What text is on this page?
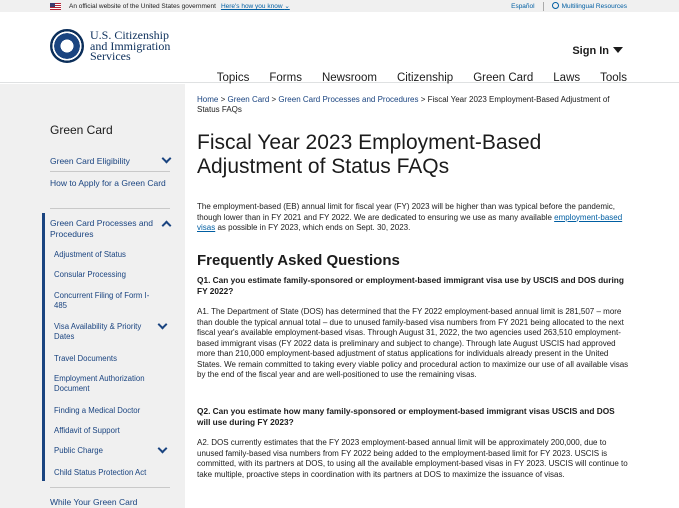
An official website of the United States government Here's how you know ⌄	Español	Multilingual Resources
U.S. Citizenship
and Immigration
Services	Sign In
Topics Forms Newsroom Citizenship Green Card Laws Tools
Green Card
Green Card Eligibility
How to Apply for a Green Card
Green Card Processes and Procedures
Adjustment of Status
Consular Processing
Concurrent Filing of Form I-485
Visa Availability & Priority Dates
Travel Documents
Employment Authorization Document
Finding a Medical Doctor
Affidavit of Support
Public Charge
Child Status Protection Act
While Your Green Card
Home > Green Card > Green Card Processes and Procedures > Fiscal Year 2023 Employment-Based Adjustment of Status FAQs
Fiscal Year 2023 Employment-Based Adjustment of Status FAQs

The employment-based (EB) annual limit for fiscal year (FY) 2023 will be higher than was typical before the pandemic, though lower than in FY 2021 and FY 2022. We are dedicated to ensuring we use as many available employment-based visas as possible in FY 2023, which ends on Sept. 30, 2023.

Frequently Asked Questions
Q1. Can you estimate family-sponsored or employment-based immigrant visa use by USCIS and DOS during FY 2022?
A1. The Department of State (DOS) has determined that the FY 2022 employment-based annual limit is 281,507 – more than double the typical annual total – due to unused family-based visa numbers from FY 2021 being allocated to the next fiscal year's available employment-based visas. Through August 31, 2022, the two agencies used 263,510 employment-based immigrant visas (FY 2022 data is preliminary and subject to change). Through late August USCIS had approved more than 210,000 employment-based adjustment of status applications for individuals already present in the United States. We remain committed to taking every viable policy and procedural action to maximize our use of all available visas by the end of the fiscal year and are well-positioned to use the remaining visas.
Q2. Can you estimate how many family-sponsored or employment-based immigrant visas USCIS and DOS will use during FY 2023?
A2. DOS currently estimates that the FY 2023 employment-based annual limit will be approximately 200,000, due to unused family-based visa numbers from FY 2022 being added to the employment-based limit for FY 2023. USCIS is committed, with its partners at DOS, to using all the available employment-based visas in FY 2023. USCIS will continue to take multiple, proactive steps in coordination with its partners at DOS to maximize the issuance of visas.
